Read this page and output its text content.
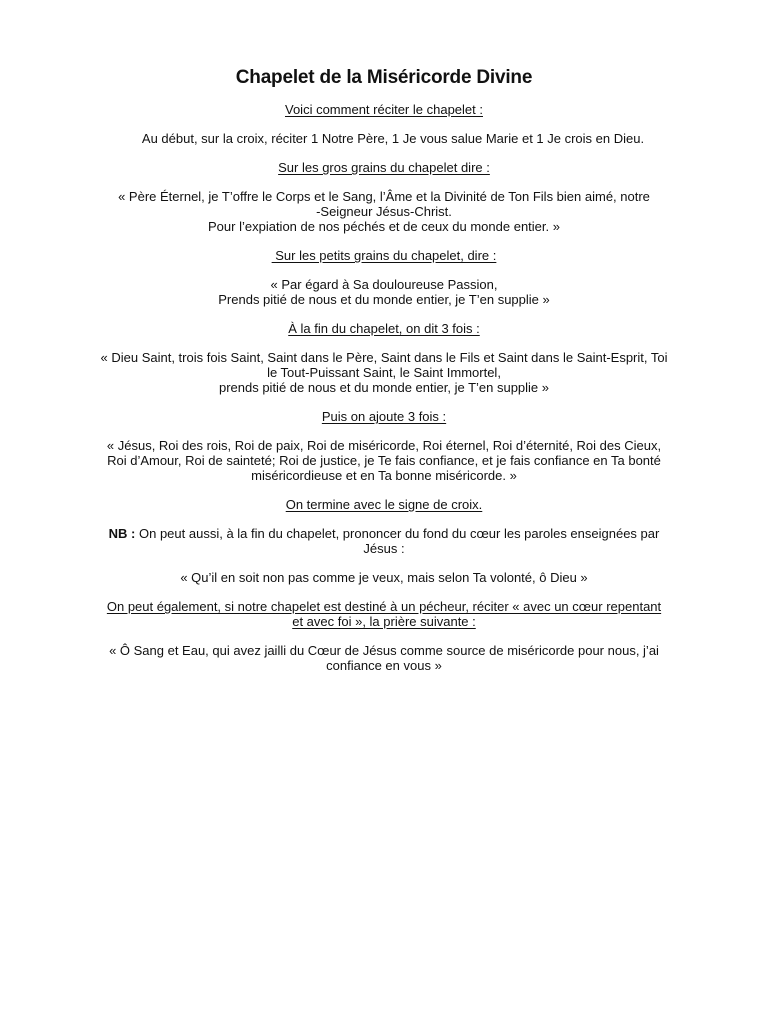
Chapelet de la Miséricorde Divine
Voici comment réciter le chapelet :
Au début, sur la croix, réciter 1 Notre Père, 1 Je vous salue Marie et 1 Je crois en Dieu.
Sur les gros grains du chapelet dire :
« Père Éternel, je T’offre le Corps et le Sang, l’Âme et la Divinité de Ton Fils bien aimé, notre
-Seigneur Jésus-Christ.
Pour l’expiation de nos péchés et de ceux du monde entier. »
Sur les petits grains du chapelet, dire :
« Par égard à Sa douloureuse Passion,
Prends pitié de nous et du monde entier, je T’en supplie »
À la fin du chapelet, on dit 3 fois :
« Dieu Saint, trois fois Saint, Saint dans le Père, Saint dans le Fils et Saint dans le Saint-Esprit, Toi
le Tout-Puissant Saint, le Saint Immortel,
prends pitié de nous et du monde entier, je T’en supplie »
Puis on ajoute 3 fois :
« Jésus, Roi des rois, Roi de paix, Roi de miséricorde, Roi éternel, Roi d’éternité, Roi des Cieux,
Roi d’Amour, Roi de sainteté; Roi de justice, je Te fais confiance, et je fais confiance en Ta bonté
miséricordieuse et en Ta bonne miséricorde. »
On termine avec le signe de croix.
NB : On peut aussi, à la fin du chapelet, prononcer du fond du cœur les paroles enseignées par
Jésus :
« Qu’il en soit non pas comme je veux, mais selon Ta volonté, ô Dieu »
On peut également, si notre chapelet est destiné à un pécheur, réciter « avec un cœur repentant
et avec foi », la prière suivante :
« Ô Sang et Eau, qui avez jailli du Cœur de Jésus comme source de miséricorde pour nous, j’ai
confiance en vous »
